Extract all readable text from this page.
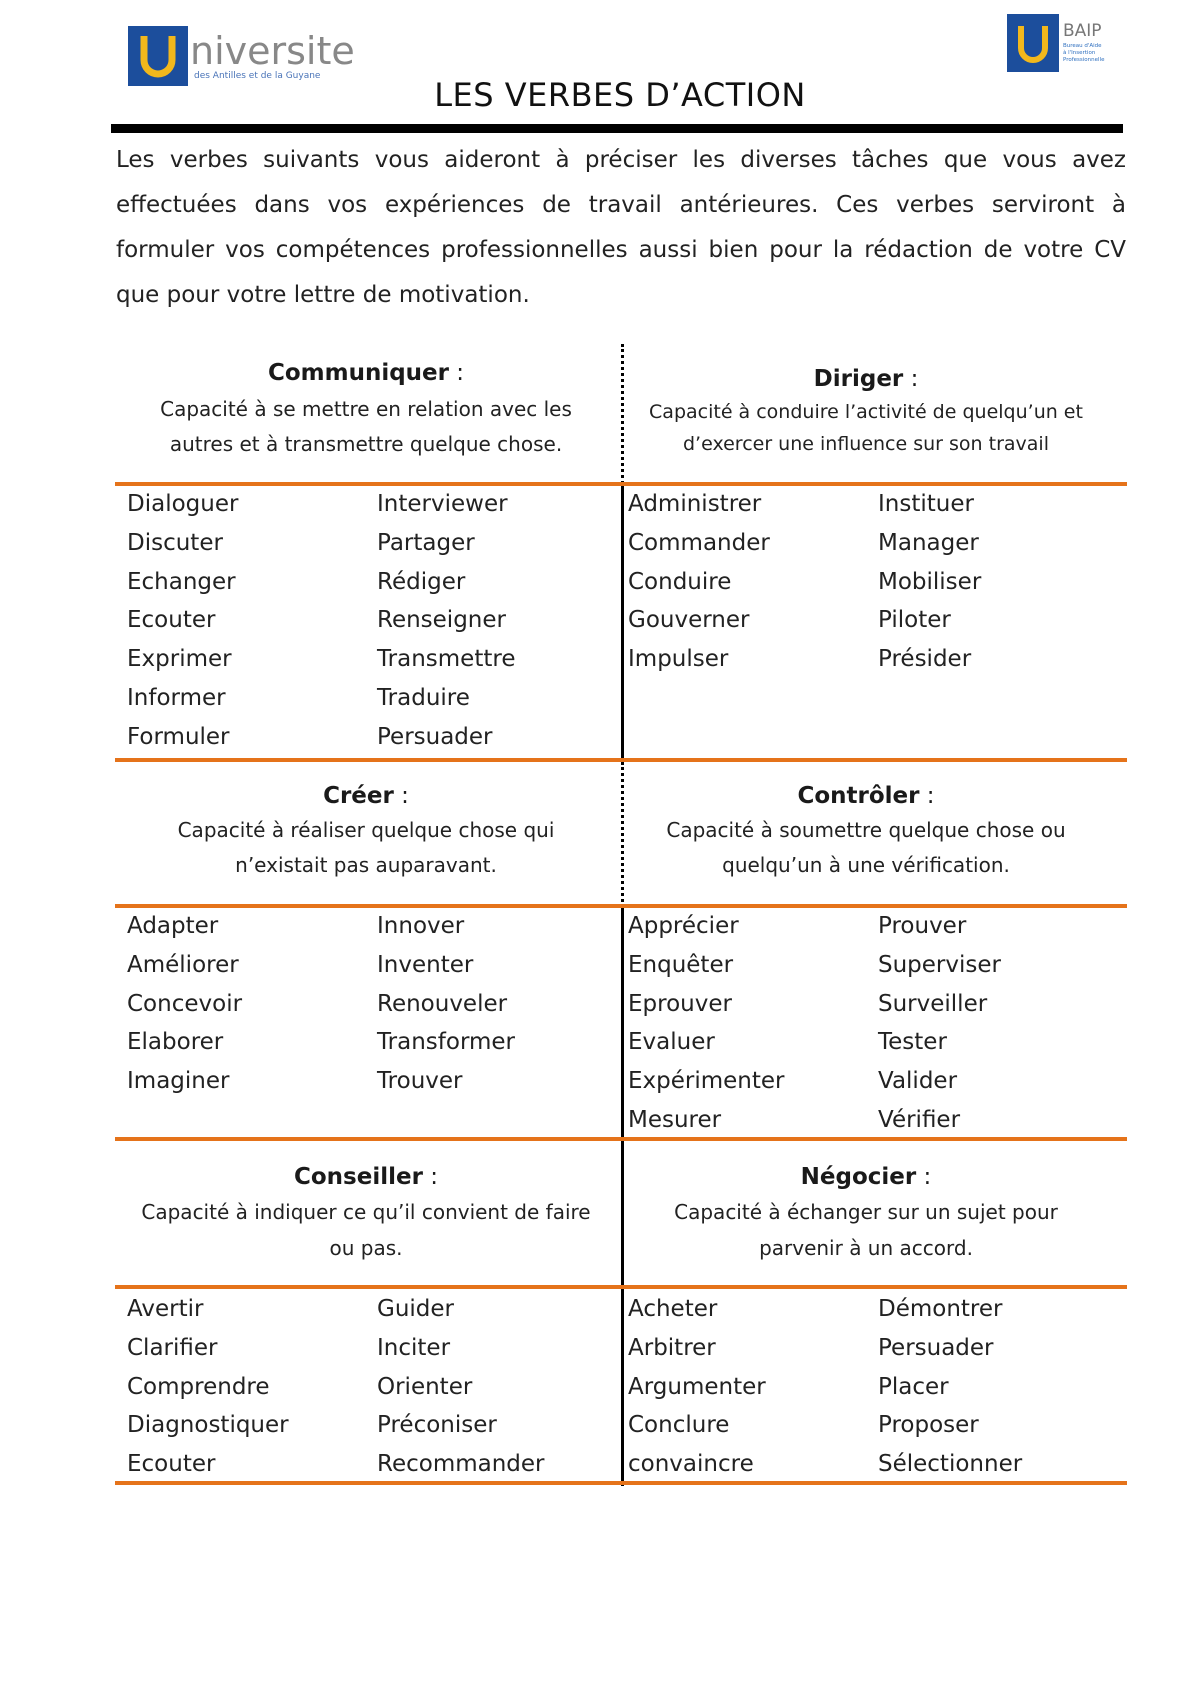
niversite
des Antilles et de la Guyane
BAIP
Bureau d'Aide
à l'Insertion
Professionnelle
LES VERBES D’ACTION
Les verbes suivants vous aideront à préciser les diverses tâches que vous avez effectuées dans vos expériences de travail antérieures. Ces verbes serviront à formuler vos compétences professionnelles aussi bien pour la rédaction de votre CV que pour votre lettre de motivation.
Communiquer :
Capacité à se mettre en relation avec les
autres et à transmettre quelque chose.
Dialoguer
Discuter
Echanger
Ecouter
Exprimer
Informer
Formuler
Interviewer
Partager
Rédiger
Renseigner
Transmettre
Traduire
Persuader
Diriger :
Capacité à conduire l’activité de quelqu’un et
d’exercer une influence sur son travail
Administrer
Commander
Conduire
Gouverner
Impulser
Instituer
Manager
Mobiliser
Piloter
Présider
Créer :
Capacité à réaliser quelque chose qui
n’existait pas auparavant.
Adapter
Améliorer
Concevoir
Elaborer
Imaginer
Innover
Inventer
Renouveler
Transformer
Trouver
Contrôler :
Capacité à soumettre quelque chose ou
quelqu’un à une vérification.
Apprécier
Enquêter
Eprouver
Evaluer
Expérimenter
Mesurer
Prouver
Superviser
Surveiller
Tester
Valider
Vérifier
Conseiller :
Capacité à indiquer ce qu’il convient de faire
ou pas.
Avertir
Clarifier
Comprendre
Diagnostiquer
Ecouter
Guider
Inciter
Orienter
Préconiser
Recommander
Négocier :
Capacité à échanger sur un sujet pour
parvenir à un accord.
Acheter
Arbitrer
Argumenter
Conclure
convaincre
Démontrer
Persuader
Placer
Proposer
Sélectionner
